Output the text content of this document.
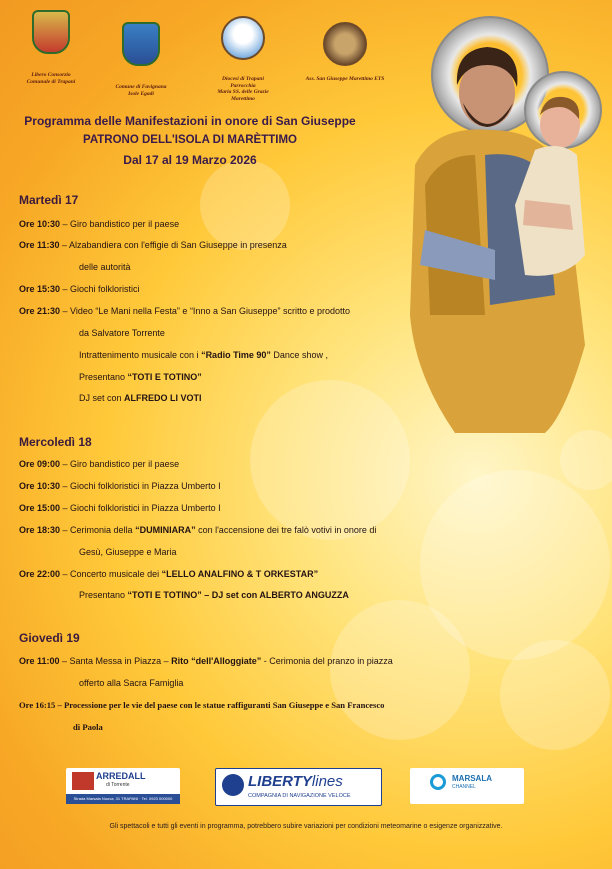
Libero Consorzio
Comunale di Trapani
Comune di Favignana
Isole Egadi
Diocesi di Trapani
Parrocchia
Maria SS. delle Grazie
Marettimo
Ass. San Giuseppe Marettimo ETS
Programma delle Manifestazioni in onore di San Giuseppe
PATRONO DELL'ISOLA DI MARÈTTIMO
Dal 17 al 19 Marzo 2026
Martedì 17
Ore 10:30 – Giro bandistico per il paese
Ore 11:30 – Alzabandiera con l'effigie di San Giuseppe in presenza
delle autorità
Ore 15:30 – Giochi folkloristici
Ore 21:30 – Video “Le Mani nella Festa” e “Inno a San Giuseppe” scritto e prodotto
da Salvatore Torrente
Intrattenimento musicale con i “Radio Time 90” Dance show ,
Presentano “TOTI E TOTINO”
DJ set con ALFREDO LI VOTI
Mercoledì 18
Ore 09:00 – Giro bandistico per il paese
Ore 10:30 – Giochi folkloristici in Piazza Umberto I
Ore 15:00 – Giochi folkloristici in Piazza Umberto I
Ore 18:30 – Cerimonia della “DUMINIARA” con l'accensione dei tre falò votivi in onore di
Gesù, Giuseppe e Maria
Ore 22:00 – Concerto musicale dei “LELLO ANALFINO & T ORKESTAR”
Presentano “TOTI E TOTINO” – DJ set con ALBERTO ANGUZZA
Giovedì 19
Ore 11:00 – Santa Messa in Piazza – Rito “dell'Alloggiate” - Cerimonia del pranzo in piazza
offerto alla Sacra Famiglia
Ore 16:15 – Processione per le vie del paese con le statue raffiguranti San Giuseppe e San Francesco
di Paola
ARREDALL
di Torrente
Strada Marsala Nuova, 31 TRAPANI · Tel. 0923 000000
LIBERTYlines
COMPAGNIA DI NAVIGAZIONE VELOCE
MARSALA
CHANNEL
Gli spettacoli e tutti gli eventi in programma, potrebbero subire variazioni per condizioni meteomarine o esigenze organizzative.
